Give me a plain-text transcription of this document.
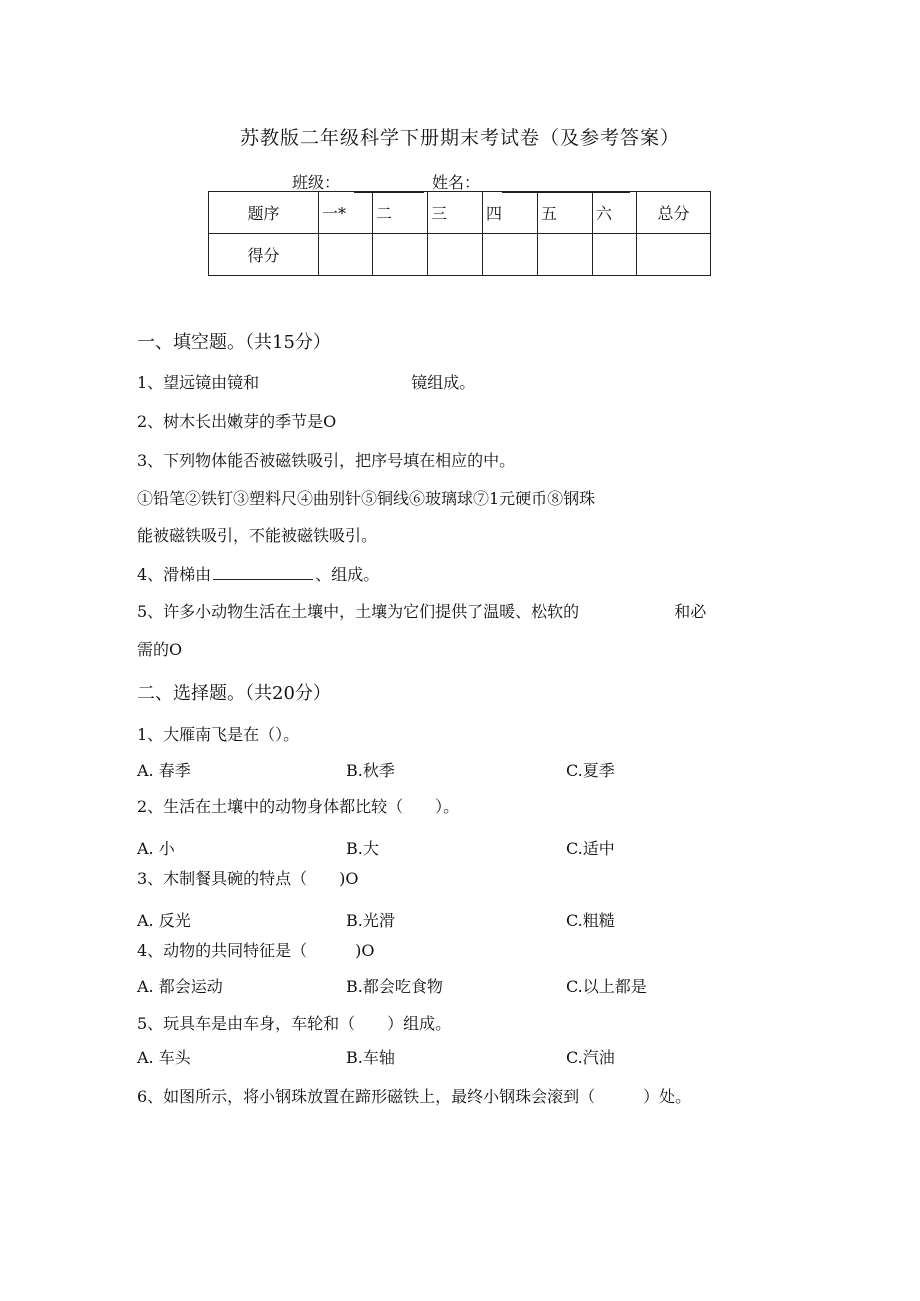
苏教版二年级科学下册期末考试卷（及参考答案）
班级：	姓名：
题序	一*	二	三	四	五	六	总分
得分							
一、填空题。（共15分）
1、望远镜由镜和	镜组成。
2、树木长出嫩芽的季节是O
3、下列物体能否被磁铁吸引，把序号填在相应的中。
①铅笔②铁钉③塑料尺④曲别针⑤铜线⑥玻璃球⑦1元硬币⑧钢珠
能被磁铁吸引，不能被磁铁吸引。
4、滑梯由	、组成。
5、许多小动物生活在土壤中，土壤为它们提供了温暖、松软的	和必
需的O
二、选择题。（共20分）
1、大雁南飞是在（）。
A. 春季	B.秋季	C.夏季
2、生活在土壤中的动物身体都比较（　　）。
A. 小	B.大	C.适中
3、木制餐具碗的特点（　　)O
A. 反光	B.光滑	C.粗糙
4、动物的共同特征是（　　　)O
A. 都会运动	B.都会吃食物	C.以上都是
5、玩具车是由车身，车轮和（　　）组成。
A. 车头	B.车轴	C.汽油
6、如图所示，将小钢珠放置在蹄形磁铁上，最终小钢珠会滚到（　　　）处。
